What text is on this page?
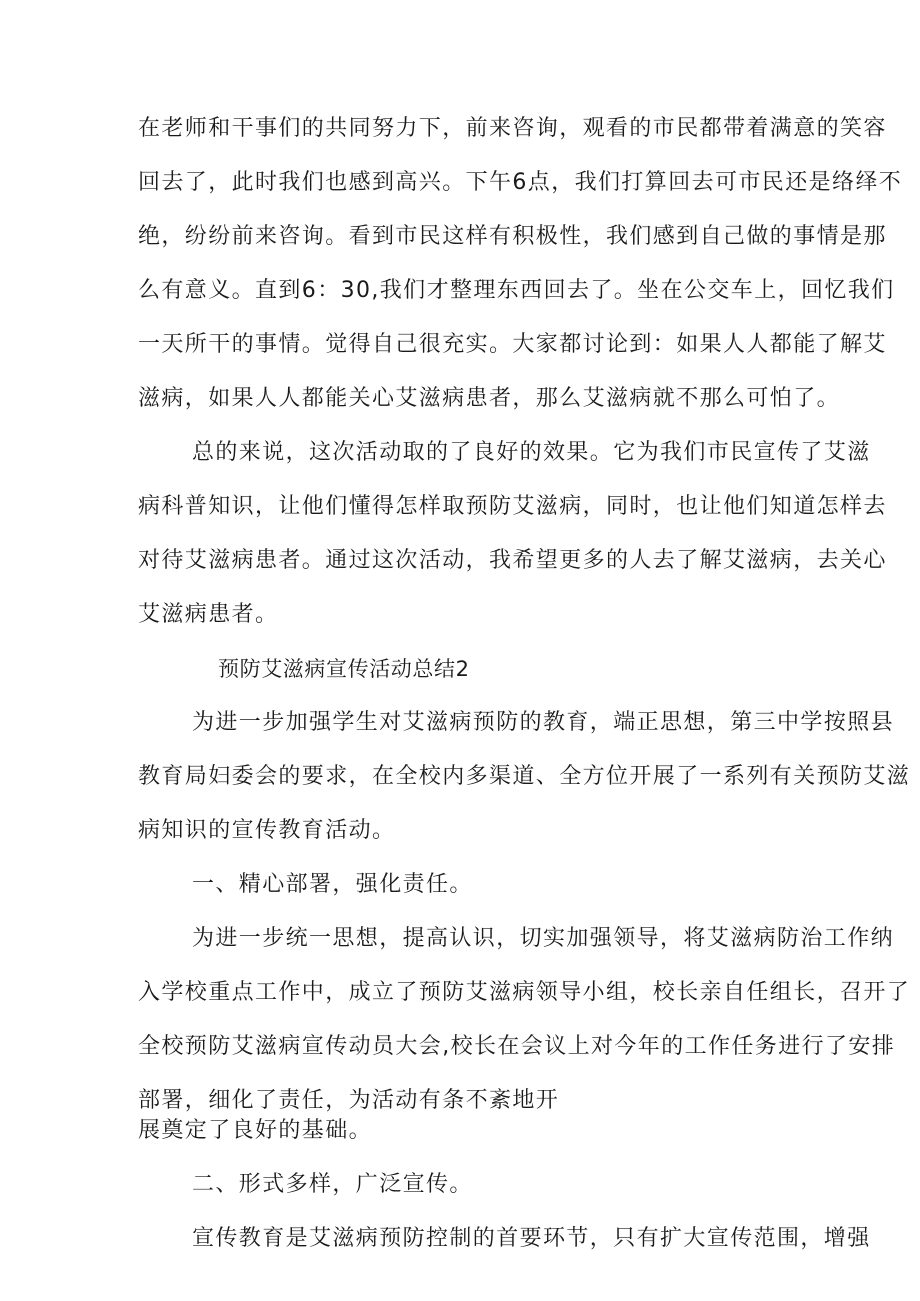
在老师和干事们的共同努力下，前来咨询，观看的市民都带着满意的笑容

回去了，此时我们也感到高兴。下午6点，我们打算回去可市民还是络绎不

绝，纷纷前来咨询。看到市民这样有积极性，我们感到自己做的事情是那

么有意义。直到6：30,我们才整理东西回去了。坐在公交车上，回忆我们

一天所干的事情。觉得自己很充实。大家都讨论到：如果人人都能了解艾

滋病，如果人人都能关心艾滋病患者，那么艾滋病就不那么可怕了。

总的来说，这次活动取的了良好的效果。它为我们市民宣传了艾滋

病科普知识，让他们懂得怎样取预防艾滋病，同时，也让他们知道怎样去

对待艾滋病患者。通过这次活动，我希望更多的人去了解艾滋病，去关心

艾滋病患者。

预防艾滋病宣传活动总结2

为进一步加强学生对艾滋病预防的教育，端正思想，第三中学按照县

教育局妇委会的要求，在全校内多渠道、全方位开展了一系列有关预防艾滋

病知识的宣传教育活动。

一、精心部署，强化责任。

为进一步统一思想，提高认识，切实加强领导，将艾滋病防治工作纳

入学校重点工作中，成立了预防艾滋病领导小组，校长亲自任组长，召开了

全校预防艾滋病宣传动员大会,校长在会议上对今年的工作任务进行了安排

部署，细化了责任，为活动有条不紊地开

展奠定了良好的基础。

二、形式多样，广泛宣传。

宣传教育是艾滋病预防控制的首要环节，只有扩大宣传范围，增强
